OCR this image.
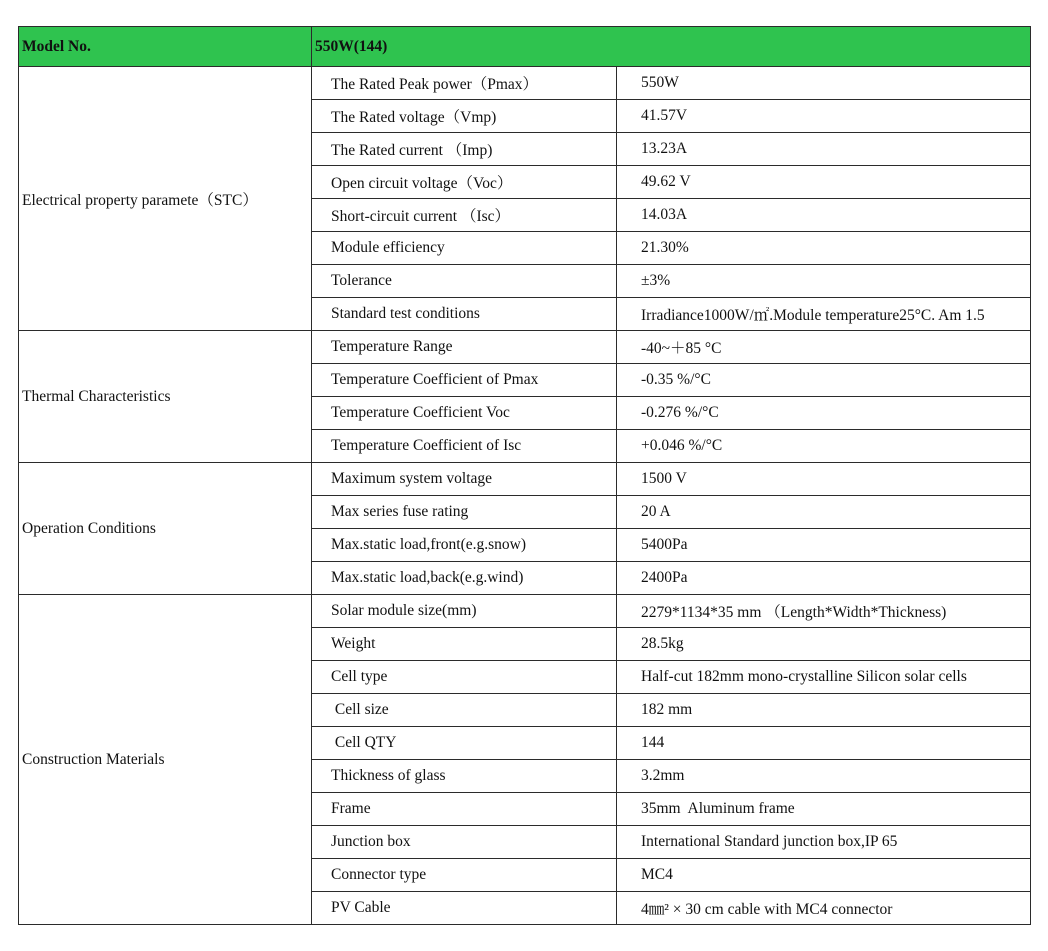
Model No.	550W(144)	
Electrical property paramete（STC）	The Rated Peak power（Pmax）	550W
	The Rated voltage（Vmp)	41.57V
	The Rated current （Imp)	13.23A
	Open circuit voltage（Voc）	49.62 V
	Short-circuit current （Isc）	14.03A
	Module efficiency	21.30%
	Tolerance	±3%
	Standard test conditions	Irradiance1000W/㎡.Module temperature25°C. Am 1.5
Thermal Characteristics	Temperature Range	-40~＋85 °C
	Temperature Coefficient of Pmax	-0.35 %/°C
	Temperature Coefficient Voc	-0.276 %/°C
	Temperature Coefficient of Isc	+0.046 %/°C
Operation Conditions	Maximum system voltage	1500 V
	Max series fuse rating	20 A
	Max.static load,front(e.g.snow)	5400Pa
	Max.static load,back(e.g.wind)	2400Pa
Construction Materials	Solar module size(mm)	2279*1134*35 mm （Length*Width*Thickness)
	Weight	28.5kg
	Cell type	Half-cut 182mm mono-crystalline Silicon solar cells
	Cell size	182 mm
	Cell QTY	144
	Thickness of glass	3.2mm
	Frame	35mm  Aluminum frame
	Junction box	International Standard junction box,IP 65
	Connector type	MC4
	PV Cable	4㎜² × 30 cm cable with MC4 connector
